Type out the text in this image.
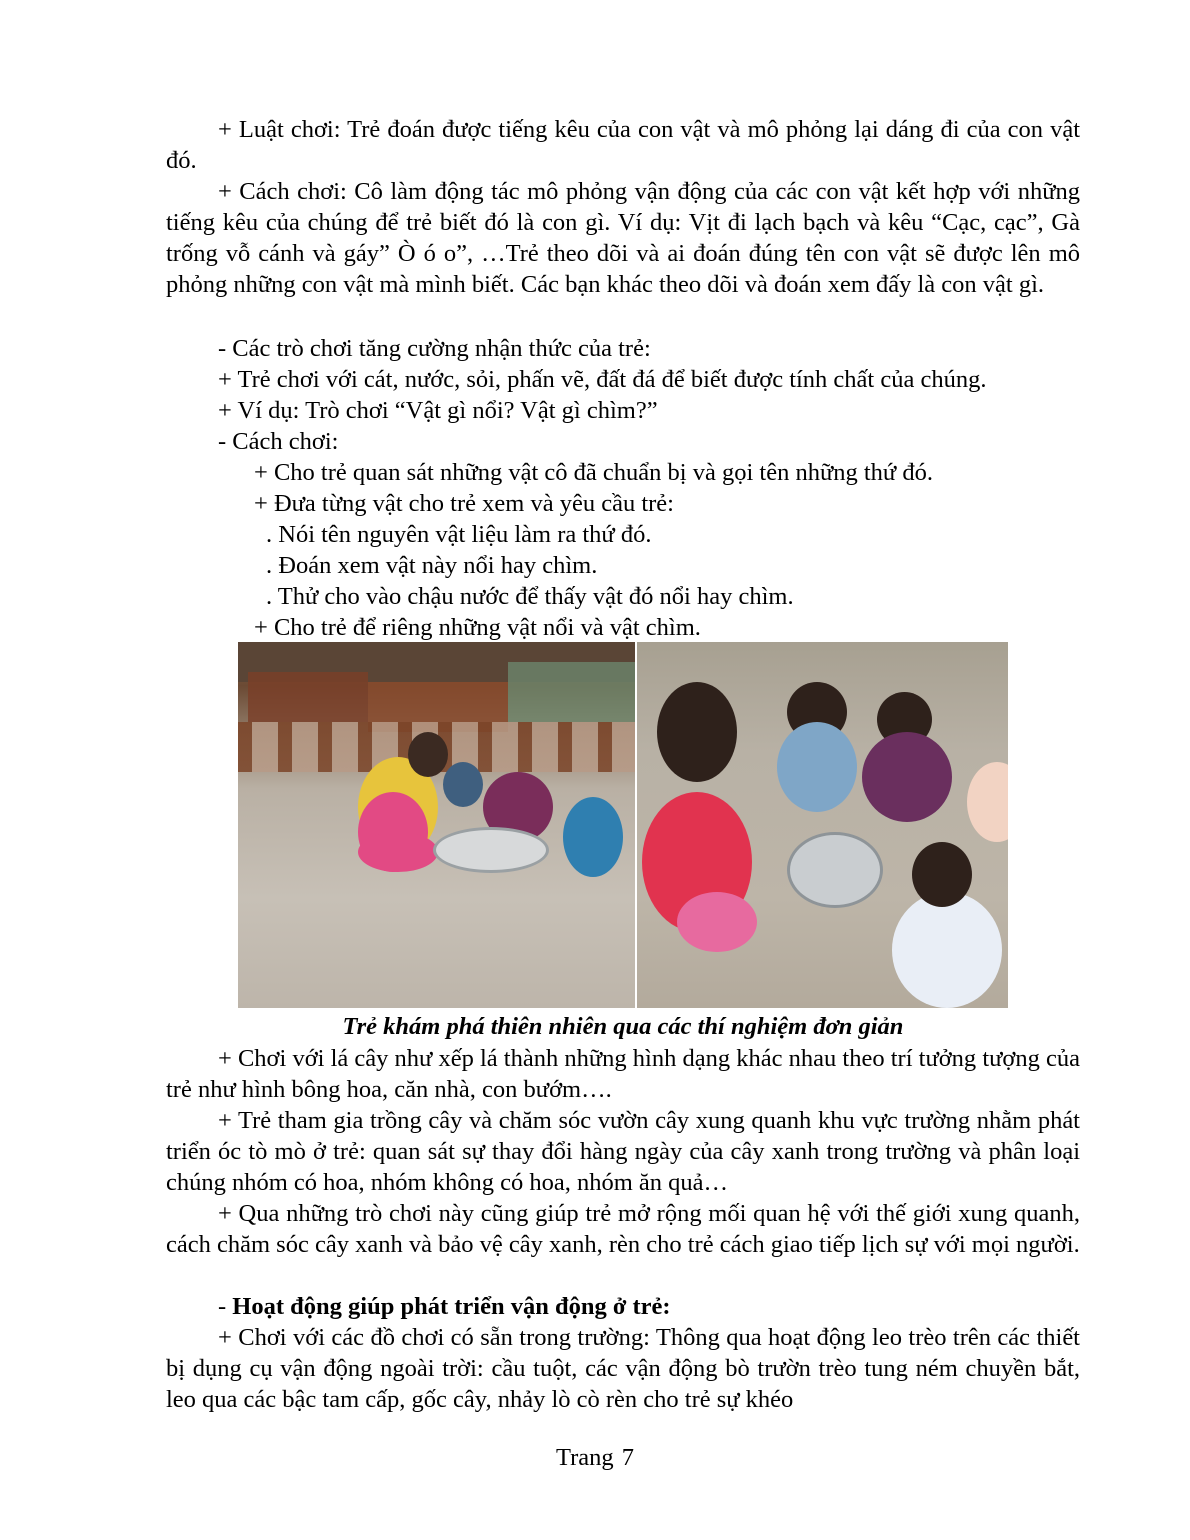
+ Luật chơi: Trẻ đoán được tiếng kêu của con vật và mô phỏng lại dáng đi của con vật đó.

+ Cách chơi: Cô làm động tác mô phỏng vận động của các con vật kết hợp với những tiếng kêu của chúng để trẻ biết đó là con gì. Ví dụ: Vịt đi lạch bạch và kêu “Cạc, cạc”, Gà trống vỗ cánh và gáy” Ò ó o”, …Trẻ theo dõi và ai đoán đúng tên con vật sẽ được lên mô phỏng những con vật mà mình biết. Các bạn khác theo dõi và đoán xem đấy là con vật gì.

- Các trò chơi tăng cường nhận thức của trẻ:

+ Trẻ chơi với cát, nước, sỏi, phấn vẽ, đất đá để biết được tính chất của chúng.

+ Ví dụ: Trò chơi “Vật gì nổi? Vật gì chìm?”

- Cách chơi:

+ Cho trẻ quan sát những vật cô đã chuẩn bị và gọi tên những thứ đó.

+ Đưa từng vật cho trẻ xem và yêu cầu trẻ:

. Nói tên nguyên vật liệu làm ra thứ đó.

. Đoán xem vật này nổi hay chìm.

. Thử cho vào chậu nước để thấy vật đó nổi hay chìm.

+ Cho trẻ để riêng những vật nổi và vật chìm.

Trẻ khám phá thiên nhiên qua các thí nghiệm đơn giản

+ Chơi với lá cây như xếp lá thành những hình dạng khác nhau theo trí tưởng tượng của trẻ như hình bông hoa, căn nhà, con bướm….

+ Trẻ tham gia trồng cây và chăm sóc vườn cây xung quanh khu vực trường nhằm phát triển óc tò mò ở trẻ: quan sát sự thay đổi hàng ngày của cây xanh trong trường và phân loại chúng nhóm có hoa, nhóm không có hoa, nhóm ăn quả…

+ Qua những trò chơi này cũng giúp trẻ mở rộng mối quan hệ với thế giới xung quanh, cách chăm sóc cây xanh và bảo vệ cây xanh, rèn cho trẻ cách giao tiếp lịch sự với mọi người.

- Hoạt động giúp phát triển vận động ở trẻ:

+ Chơi với các đồ chơi có sẵn trong trường: Thông qua hoạt động leo trèo trên các thiết bị dụng cụ vận động ngoài trời: cầu tuột, các vận động bò trườn trèo tung ném chuyền bắt, leo qua các bậc tam cấp, gốc cây, nhảy lò cò rèn cho trẻ sự khéo

Trang 7
